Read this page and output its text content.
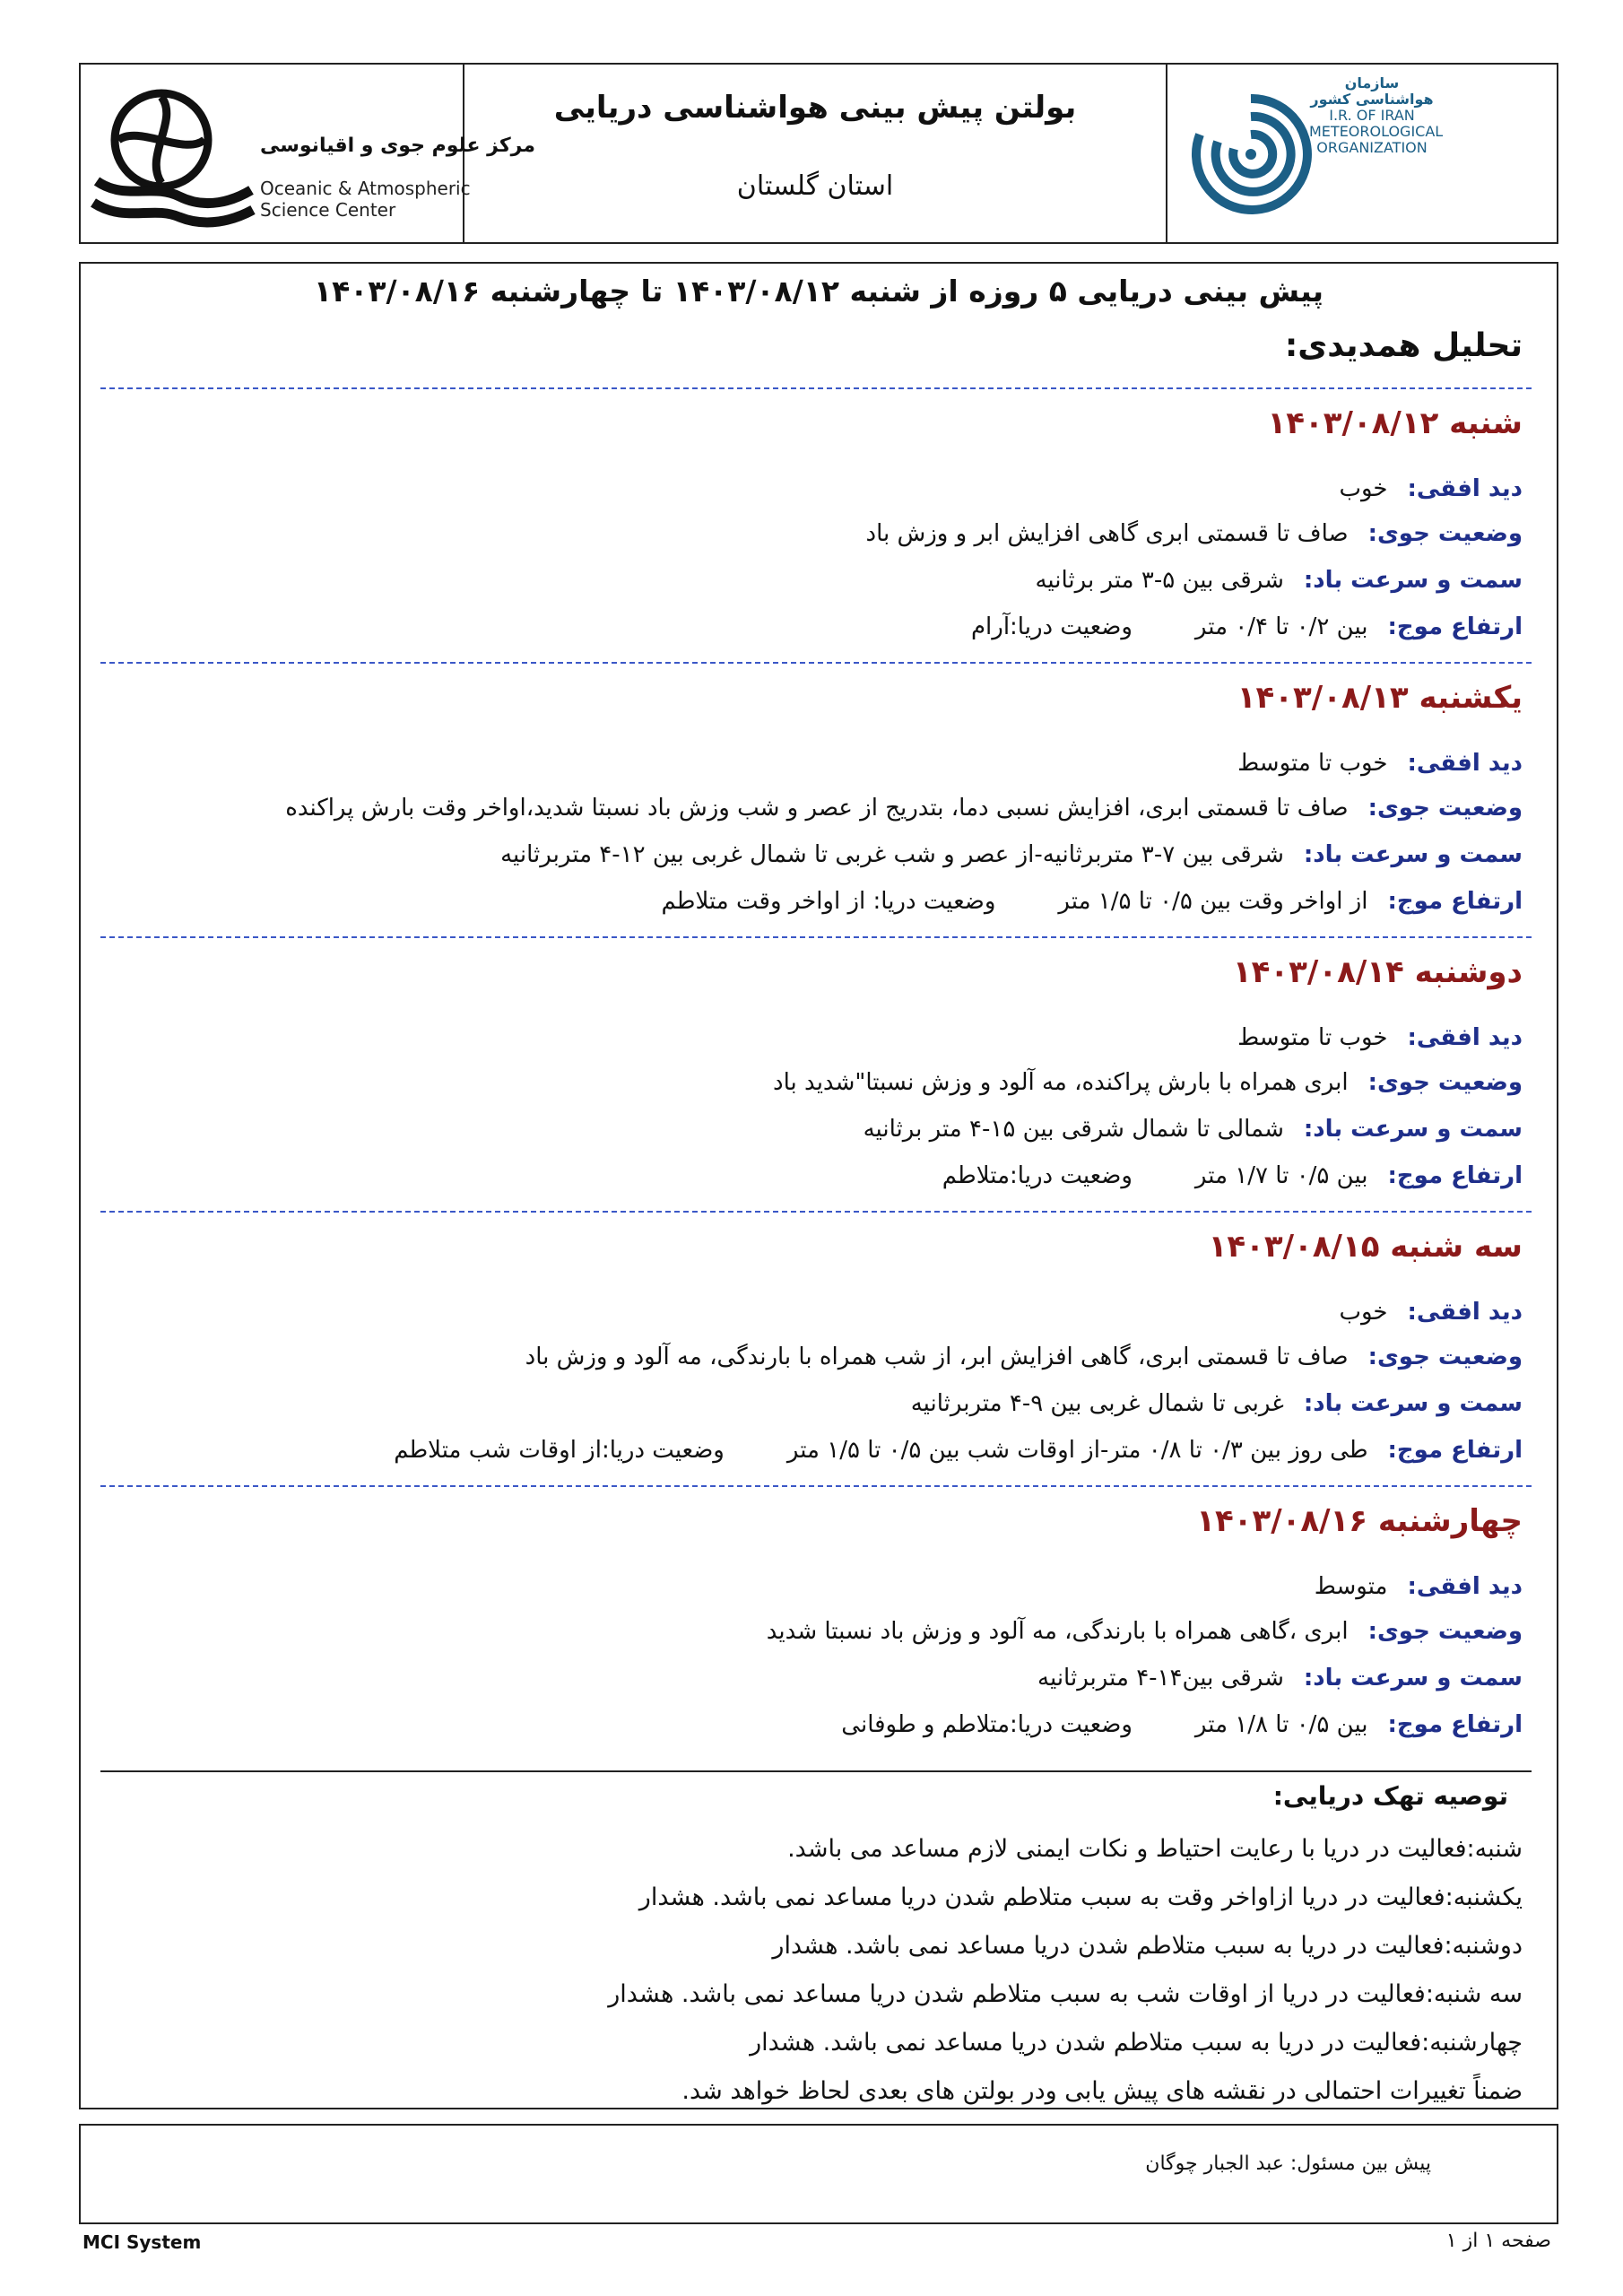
مرکز علوم جوی و اقیانوسی
Oceanic & Atmospheric
Science Center
بولتن پیش بینی هواشناسی دریایی
استان گلستان
سازمان هواشناسی کشور
I.R. OF IRAN
METEOROLOGICAL
ORGANIZATION
پیش بینی دریایی ۵ روزه از شنبه ۱۴۰۳/۰۸/۱۲ تا چهارشنبه ۱۴۰۳/۰۸/۱۶
تحلیل همدیدی:
شنبه ۱۴۰۳/۰۸/۱۲
دید افقی:خوب
وضعیت جوی:صاف تا قسمتی ابری گاهی افزایش ابر و وزش باد
سمت و سرعت باد:شرقی بین ۵-۳ متر برثانیه
ارتفاع موج:بین ۰/۲ تا ۰/۴ متروضعیت دریا:آرام
یکشنبه ۱۴۰۳/۰۸/۱۳
دید افقی:خوب تا متوسط
وضعیت جوی:صاف تا قسمتی ابری، افزایش نسبی دما، بتدریج از عصر و شب وزش باد نسبتا شدید،اواخر وقت بارش پراکنده
سمت و سرعت باد:شرقی بین ۷-۳ متربرثانیه-از عصر و شب غربی تا شمال غربی بین ۱۲-۴ متربرثانیه
ارتفاع موج:از اواخر وقت بین ۰/۵ تا ۱/۵ متروضعیت دریا: از اواخر وقت متلاطم
دوشنبه ۱۴۰۳/۰۸/۱۴
دید افقی:خوب تا متوسط
وضعیت جوی:ابری همراه با بارش پراکنده، مه آلود و وزش نسبتا"شدید باد
سمت و سرعت باد:شمالی تا شمال شرقی بین ۱۵-۴ متر برثانیه
ارتفاع موج:بین ۰/۵ تا ۱/۷ متروضعیت دریا:متلاطم
سه شنبه ۱۴۰۳/۰۸/۱۵
دید افقی:خوب
وضعیت جوی:صاف تا قسمتی ابری، گاهی افزایش ابر، از شب همراه با بارندگی، مه آلود و وزش باد
سمت و سرعت باد:غربی تا شمال غربی بین ۹-۴ متربرثانیه
ارتفاع موج:طی روز بین ۰/۳ تا ۰/۸ متر-از اوقات شب بین ۰/۵ تا ۱/۵ متروضعیت دریا:از اوقات شب متلاطم
چهارشنبه ۱۴۰۳/۰۸/۱۶
دید افقی:متوسط
وضعیت جوی:ابری ،گاهی همراه با بارندگی، مه آلود و وزش باد نسبتا شدید
سمت و سرعت باد:شرقی بین۱۴-۴ متربرثانیه
ارتفاع موج:بین ۰/۵ تا ۱/۸ متروضعیت دریا:متلاطم و طوفانی
توصیه تهک دریایی:
شنبه:فعالیت در دریا با رعایت احتیاط و نکات ایمنی لازم مساعد می باشد.
یکشنبه:فعالیت در دریا ازاواخر وقت به سبب متلاطم شدن دریا مساعد نمی باشد. هشدار
دوشنبه:فعالیت در دریا به سبب متلاطم شدن دریا مساعد نمی باشد. هشدار
سه شنبه:فعالیت در دریا از اوقات شب به سبب متلاطم شدن دریا مساعد نمی باشد. هشدار
چهارشنبه:فعالیت در دریا به سبب متلاطم شدن دریا مساعد نمی باشد. هشدار
ضمناً تغییرات احتمالی در نقشه های پیش یابی ودر بولتن های بعدی لحاظ خواهد شد.
پیش بین مسئول: عبد الجبار چوگان
MCI System	صفحه ۱ از ۱
